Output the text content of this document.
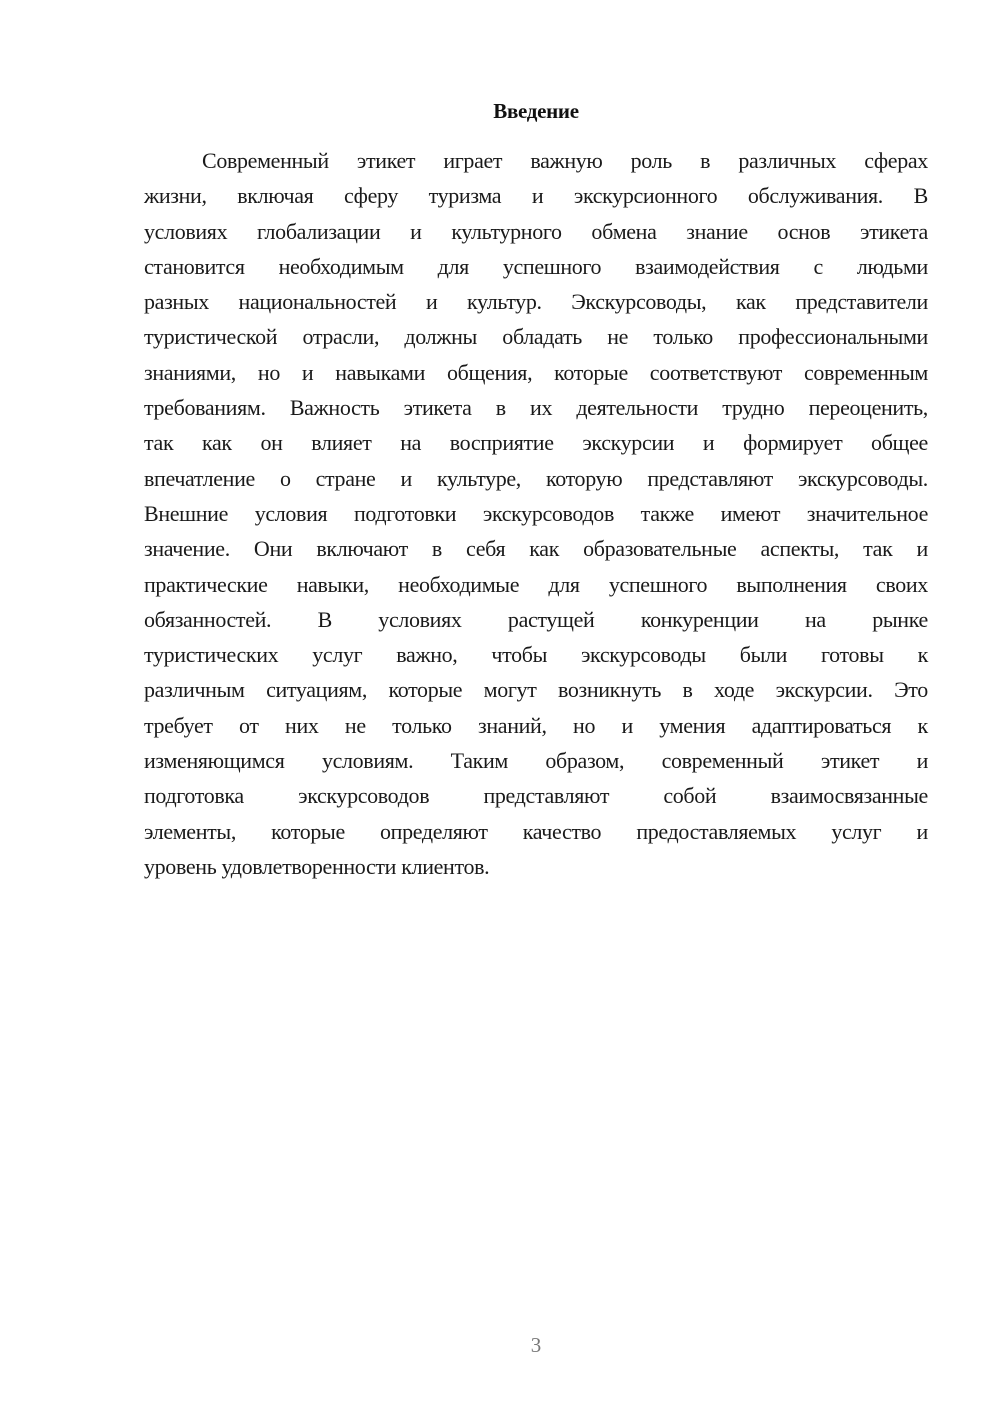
Введение
Современный этикет играет важную роль в различных сферах
жизни, включая сферу туризма и экскурсионного обслуживания. В
условиях глобализации и культурного обмена знание основ этикета
становится необходимым для успешного взаимодействия с людьми
разных национальностей и культур. Экскурсоводы, как представители
туристической отрасли, должны обладать не только профессиональными
знаниями, но и навыками общения, которые соответствуют современным
требованиям. Важность этикета в их деятельности трудно переоценить,
так как он влияет на восприятие экскурсии и формирует общее
впечатление о стране и культуре, которую представляют экскурсоводы.
Внешние условия подготовки экскурсоводов также имеют значительное
значение. Они включают в себя как образовательные аспекты, так и
практические навыки, необходимые для успешного выполнения своих
обязанностей. В условиях растущей конкуренции на рынке
туристических услуг важно, чтобы экскурсоводы были готовы к
различным ситуациям, которые могут возникнуть в ходе экскурсии. Это
требует от них не только знаний, но и умения адаптироваться к
изменяющимся условиям. Таким образом, современный этикет и
подготовка экскурсоводов представляют собой взаимосвязанные
элементы, которые определяют качество предоставляемых услуг и
уровень удовлетворенности клиентов.
3
